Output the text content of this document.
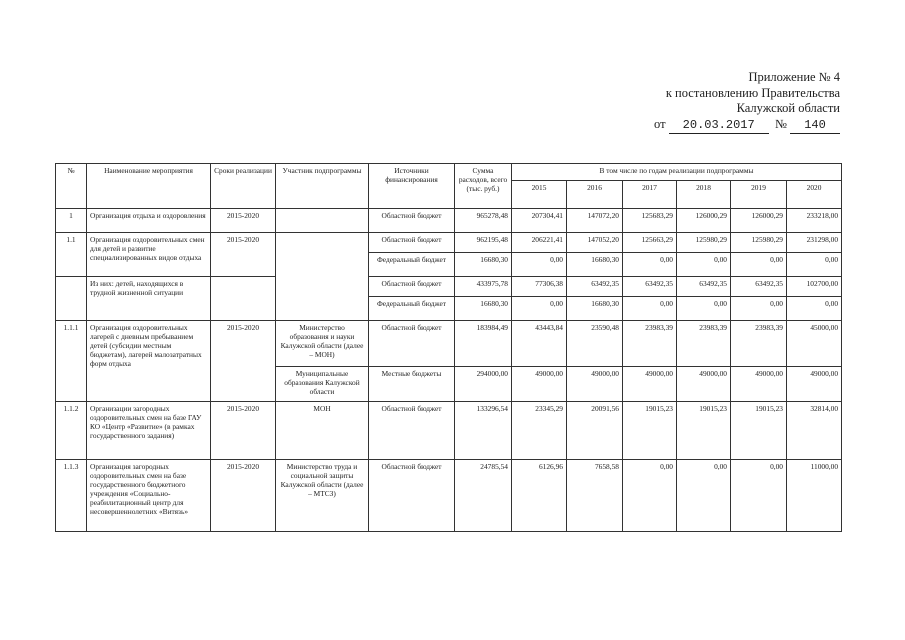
Приложение № 4
к постановлению Правительства
Калужской области
от 20.03.2017 № 140
№	Наименование мероприятия	Сроки реализации	Участник подпрограммы	Источники финансирования	Сумма расходов, всего (тыс. руб.)	В том числе по годам реализации подпрограммы					
						2015	2016	2017	2018	2019	2020
1	Организация отдыха и оздоровления	2015-2020		Областной бюджет	965278,48	207304,41	147072,20	125683,29	126000,29	126000,29	233218,00
1.1	Организация оздоровительных смен для детей и развитие специализированных видов отдыха	2015-2020		Областной бюджет	962195,48	206221,41	147052,20	125663,29	125980,29	125980,29	231298,00
				Федеральный бюджет	16680,30	0,00	16680,30	0,00	0,00	0,00	0,00
	Из них: детей, находящихся в трудной жизненной ситуации			Областной бюджет	433975,78	77306,38	63492,35	63492,35	63492,35	63492,35	102700,00
				Федеральный бюджет	16680,30	0,00	16680,30	0,00	0,00	0,00	0,00
1.1.1	Организация оздоровительных лагерей с дневным пребыванием детей (субсидии местным бюджетам), лагерей малозатратных форм отдыха	2015-2020	Министерство образования и науки Калужской области (далее – МОН)	Областной бюджет	183984,49	43443,84	23590,48	23983,39	23983,39	23983,39	45000,00
			Муниципальные образования Калужской области	Местные бюджеты	294000,00	49000,00	49000,00	49000,00	49000,00	49000,00	49000,00
1.1.2	Организации загородных оздоровительных смен на базе ГАУ КО «Центр «Развитие» (в рамках государственного задания)	2015-2020	МОН	Областной бюджет	133296,54	23345,29	20091,56	19015,23	19015,23	19015,23	32814,00
1.1.3	Организация загородных оздоровительных смен на базе государственного бюджетного учреждения «Социально-реабилитационный центр для несовершеннолетних «Витязь»	2015-2020	Министерство труда и социальной защиты Калужской области (далее – МТСЗ)	Областной бюджет	24785,54	6126,96	7658,58	0,00	0,00	0,00	11000,00
